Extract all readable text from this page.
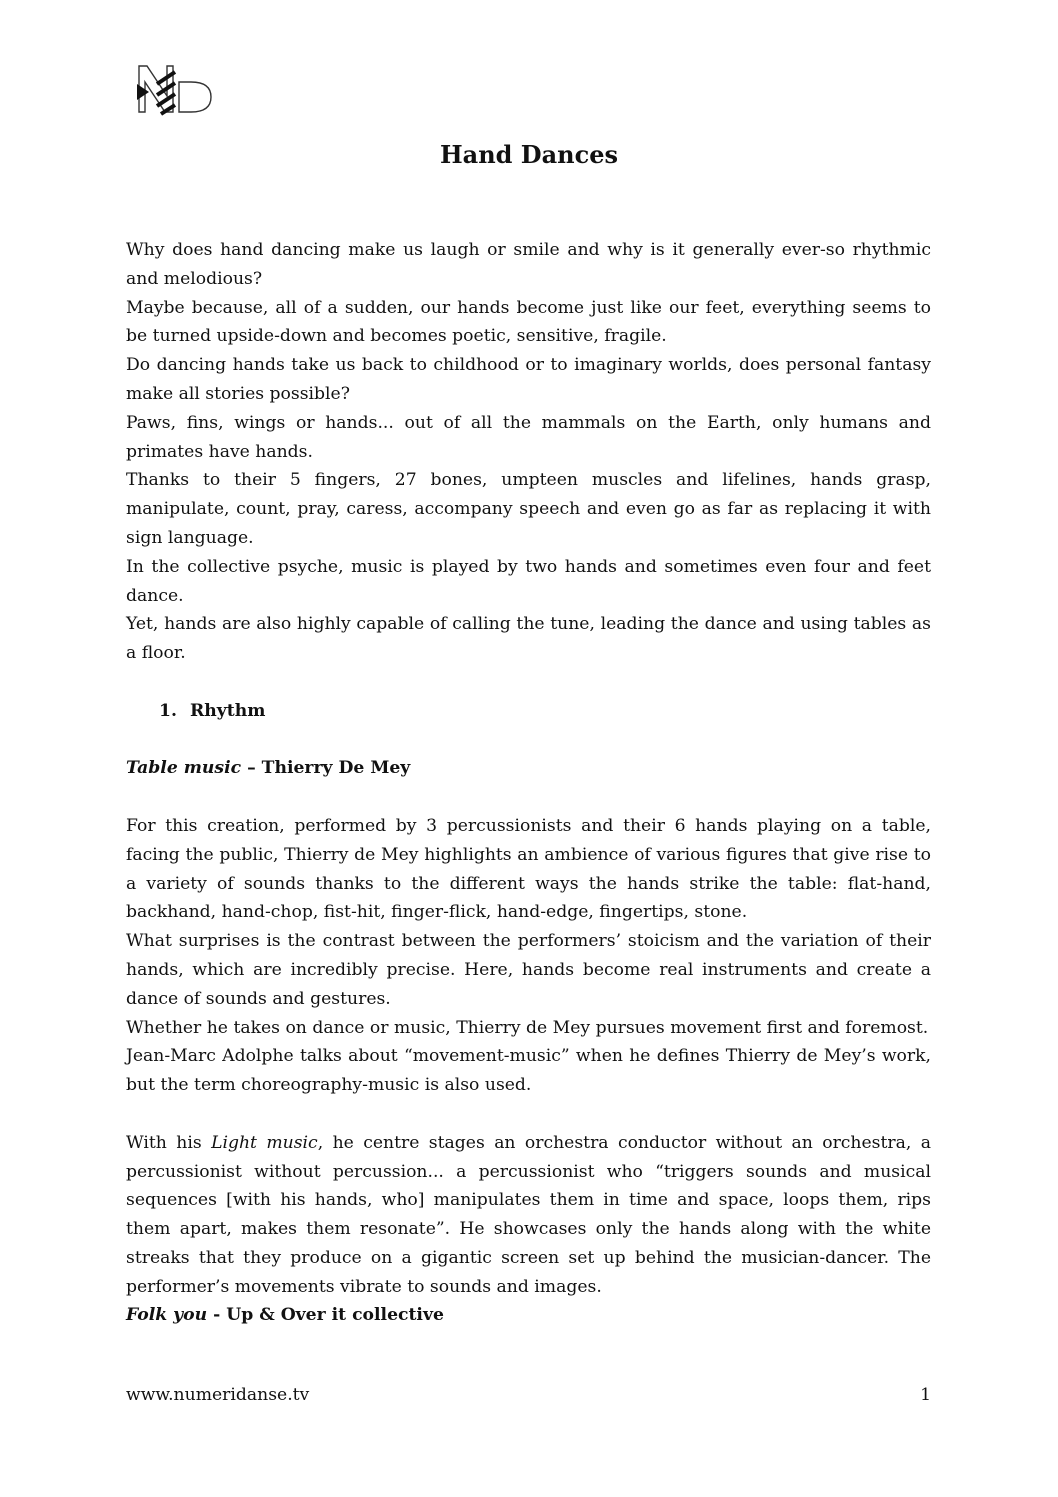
Hand Dances

Why does hand dancing make us laugh or smile and why is it generally ever-so rhythmic and melodious?

Maybe because, all of a sudden, our hands become just like our feet, everything seems to be turned upside-down and becomes poetic, sensitive, fragile.

Do dancing hands take us back to childhood or to imaginary worlds, does personal fantasy make all stories possible?

Paws, fins, wings or hands... out of all the mammals on the Earth, only humans and primates have hands.

Thanks to their 5 fingers, 27 bones, umpteen muscles and lifelines, hands grasp, manipulate, count, pray, caress, accompany speech and even go as far as replacing it with sign language.

In the collective psyche, music is played by two hands and sometimes even four and feet dance.

Yet, hands are also highly capable of calling the tune, leading the dance and using tables as a floor.

1. Rhythm

Table music – Thierry De Mey

For this creation, performed by 3 percussionists and their 6 hands playing on a table, facing the public, Thierry de Mey highlights an ambience of various figures that give rise to a variety of sounds thanks to the different ways the hands strike the table: flat-hand, backhand, hand-chop, fist-hit, finger-flick, hand-edge, fingertips, stone.

What surprises is the contrast between the performers’ stoicism and the variation of their hands, which are incredibly precise. Here, hands become real instruments and create a dance of sounds and gestures.

Whether he takes on dance or music, Thierry de Mey pursues movement first and foremost.

Jean-Marc Adolphe talks about “movement-music” when he defines Thierry de Mey’s work, but the term choreography-music is also used.

With his Light music, he centre stages an orchestra conductor without an orchestra, a percussionist without percussion... a percussionist who “triggers sounds and musical sequences [with his hands, who] manipulates them in time and space, loops them, rips them apart, makes them resonate”. He showcases only the hands along with the white streaks that they produce on a gigantic screen set up behind the musician-dancer. The performer’s movements vibrate to sounds and images.

Folk you - Up & Over it collective

www.numeridanse.tv	1
